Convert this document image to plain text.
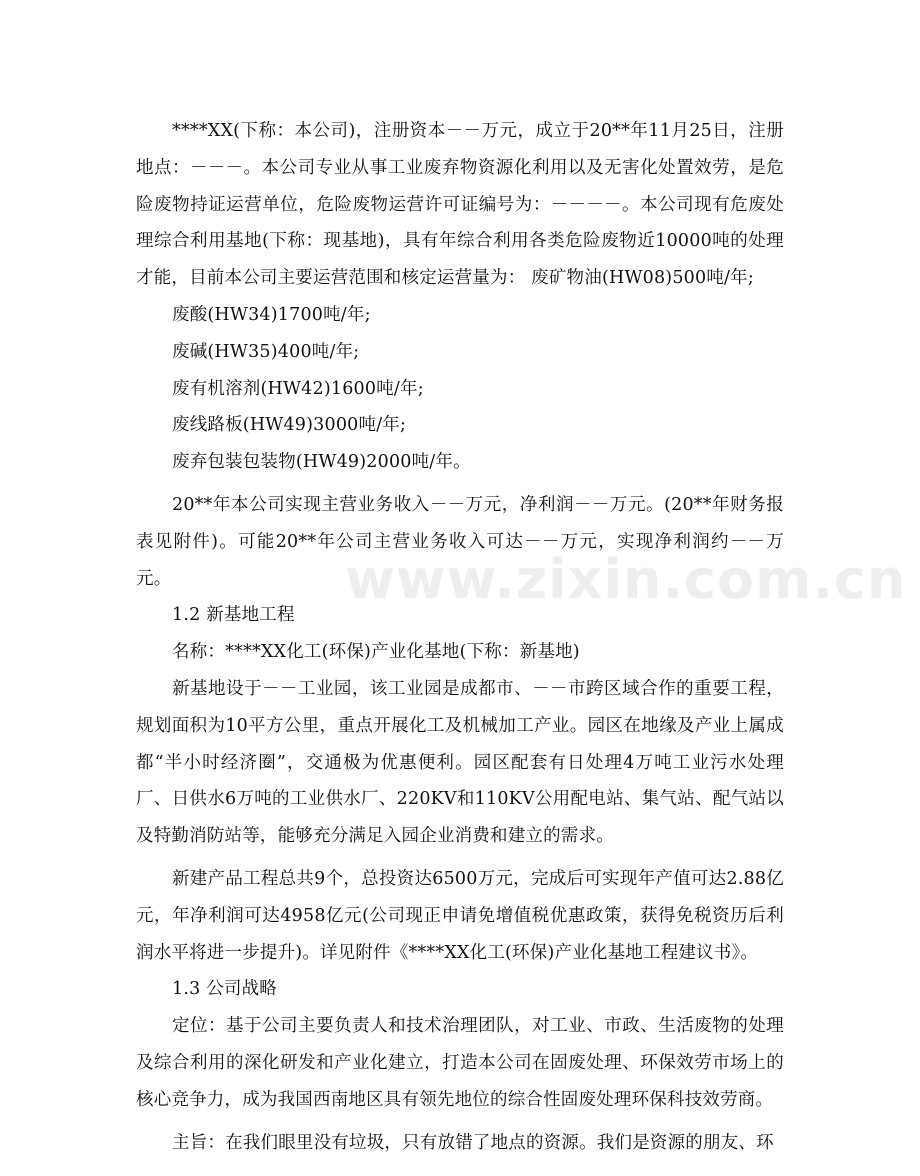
****XX(下称：本公司)，注册资本－－万元，成立于20**年11月25日，注册地点：－－－。本公司专业从事工业废弃物资源化利用以及无害化处置效劳，是危险废物持证运营单位，危险废物运营许可证编号为：－－－－。本公司现有危废处理综合利用基地(下称：现基地)，具有年综合利用各类危险废物近10000吨的处理才能，目前本公司主要运营范围和核定运营量为： 废矿物油(HW08)500吨/年;

废酸(HW34)1700吨/年;

废碱(HW35)400吨/年;

废有机溶剂(HW42)1600吨/年;

废线路板(HW49)3000吨/年;

废弃包装包装物(HW49)2000吨/年。

20**年本公司实现主营业务收入－－万元，净利润－－万元。(20**年财务报表见附件)。可能20**年公司主营业务收入可达－－万元，实现净利润约－－万元。

1.2 新基地工程

名称：****XX化工(环保)产业化基地(下称：新基地)

新基地设于－－工业园，该工业园是成都市、－－市跨区域合作的重要工程，规划面积为10平方公里，重点开展化工及机械加工产业。园区在地缘及产业上属成都“半小时经济圈”，交通极为优惠便利。园区配套有日处理4万吨工业污水处理厂、日供水6万吨的工业供水厂、220KV和110KV公用配电站、集气站、配气站以及特勤消防站等，能够充分满足入园企业消费和建立的需求。

新建产品工程总共9个，总投资达6500万元，完成后可实现年产值可达2.88亿元，年净利润可达4958亿元(公司现正申请免增值税优惠政策，获得免税资历后利润水平将进一步提升)。详见附件《****XX化工(环保)产业化基地工程建议书》。

1.3 公司战略

定位：基于公司主要负责人和技术治理团队，对工业、市政、生活废物的处理及综合利用的深化研发和产业化建立，打造本公司在固废处理、环保效劳市场上的核心竞争力，成为我国西南地区具有领先地位的综合性固废处理环保科技效劳商。

主旨：在我们眼里没有垃圾，只有放错了地点的资源。我们是资源的朋友、环

www.zixin.com.cn
